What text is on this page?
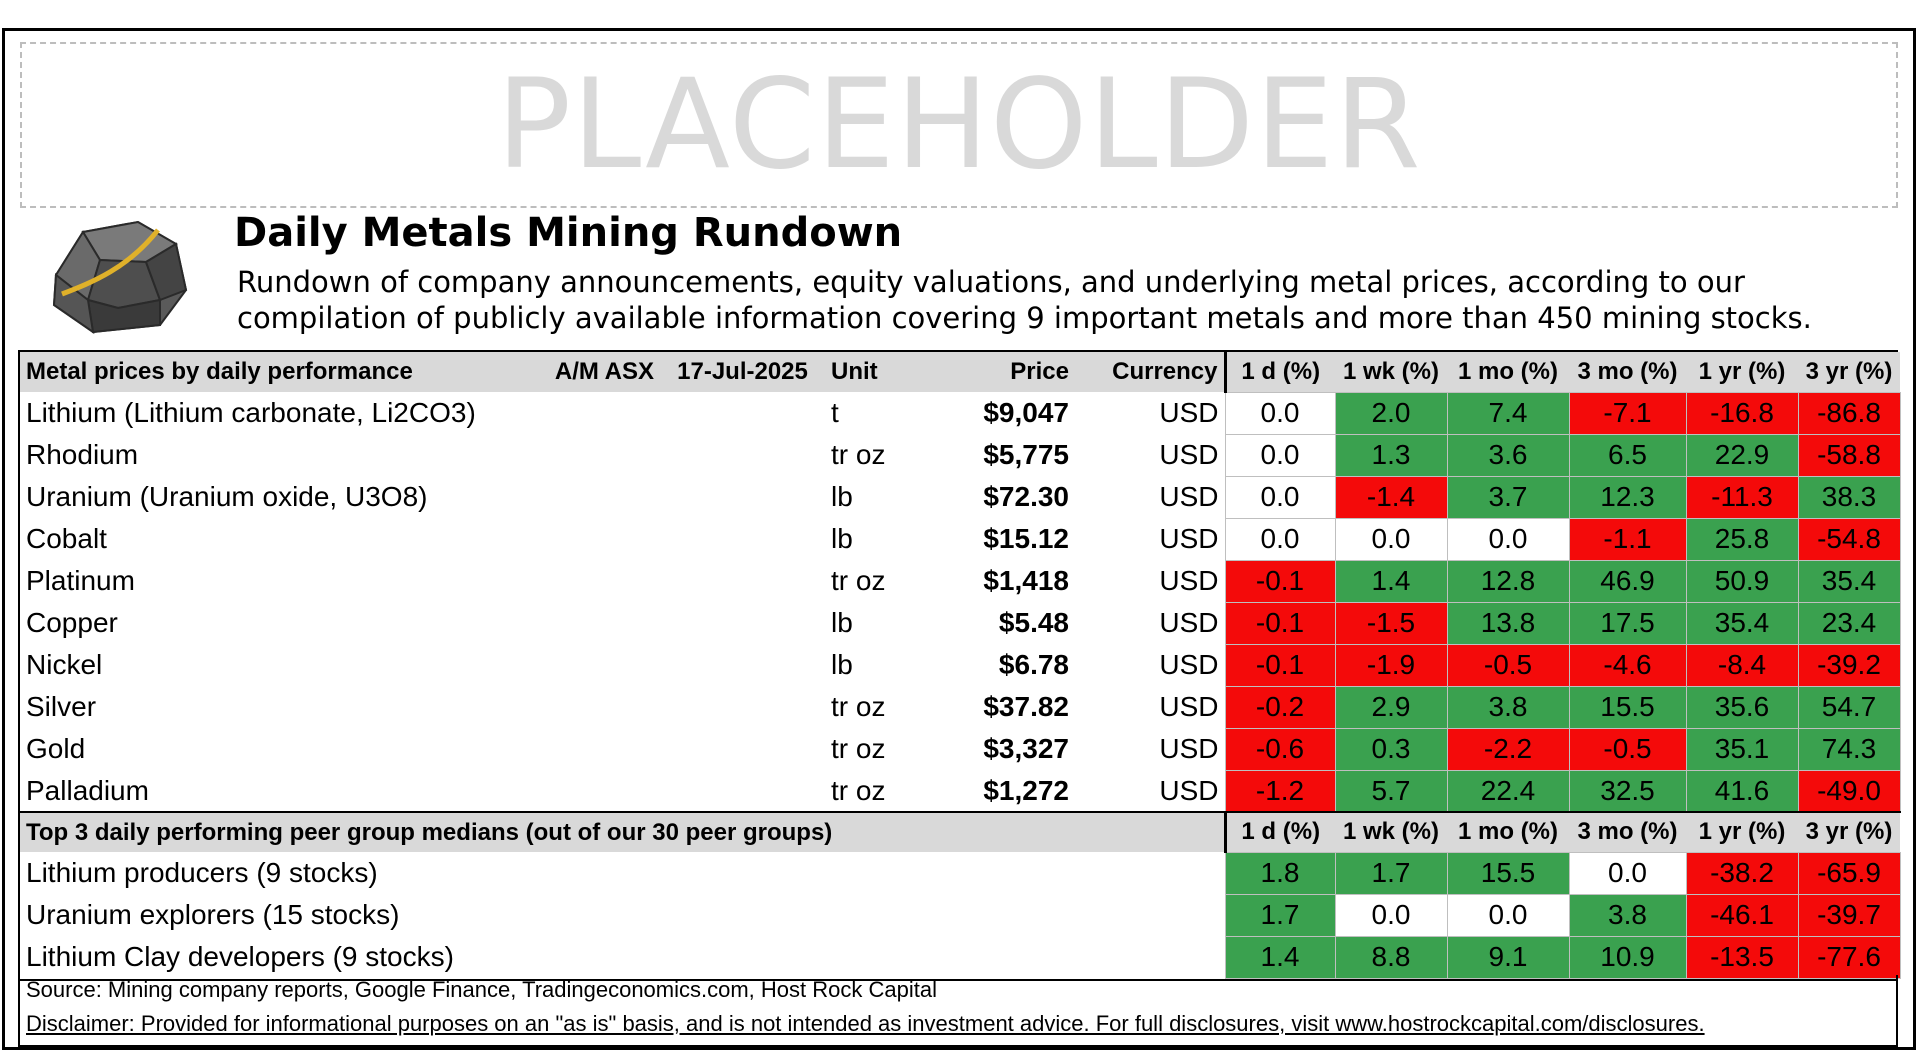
PLACEHOLDER
Daily Metals Mining Rundown
Rundown of company announcements, equity valuations, and underlying metal prices, according to our compilation of publicly available information covering 9 important metals and more than 450 mining stocks.
Metal prices by daily performance	A/M ASX	17-Jul-2025	Unit	Price	Currency	1 d (%)	1 wk (%)	1 mo (%)	3 mo (%)	1 yr (%)	3 yr (%)
Lithium (Lithium carbonate, Li2CO3)			t	$9,047	USD	0.0	2.0	7.4	-7.1	-16.8	-86.8
Rhodium			tr oz	$5,775	USD	0.0	1.3	3.6	6.5	22.9	-58.8
Uranium (Uranium oxide, U3O8)			lb	$72.30	USD	0.0	-1.4	3.7	12.3	-11.3	38.3
Cobalt			lb	$15.12	USD	0.0	0.0	0.0	-1.1	25.8	-54.8
Platinum			tr oz	$1,418	USD	-0.1	1.4	12.8	46.9	50.9	35.4
Copper			lb	$5.48	USD	-0.1	-1.5	13.8	17.5	35.4	23.4
Nickel			lb	$6.78	USD	-0.1	-1.9	-0.5	-4.6	-8.4	-39.2
Silver			tr oz	$37.82	USD	-0.2	2.9	3.8	15.5	35.6	54.7
Gold			tr oz	$3,327	USD	-0.6	0.3	-2.2	-0.5	35.1	74.3
Palladium			tr oz	$1,272	USD	-1.2	5.7	22.4	32.5	41.6	-49.0
Top 3 daily performing peer group medians (out of our 30 peer groups)						1 d (%)	1 wk (%)	1 mo (%)	3 mo (%)	1 yr (%)	3 yr (%)
Lithium producers (9 stocks)						1.8	1.7	15.5	0.0	-38.2	-65.9
Uranium explorers (15 stocks)						1.7	0.0	0.0	3.8	-46.1	-39.7
Lithium Clay developers (9 stocks)						1.4	8.8	9.1	10.9	-13.5	-77.6
Source: Mining company reports, Google Finance, Tradingeconomics.com, Host Rock Capital
Disclaimer: Provided for informational purposes on an "as is" basis, and is not intended as investment advice. For full disclosures, visit www.hostrockcapital.com/disclosures.
